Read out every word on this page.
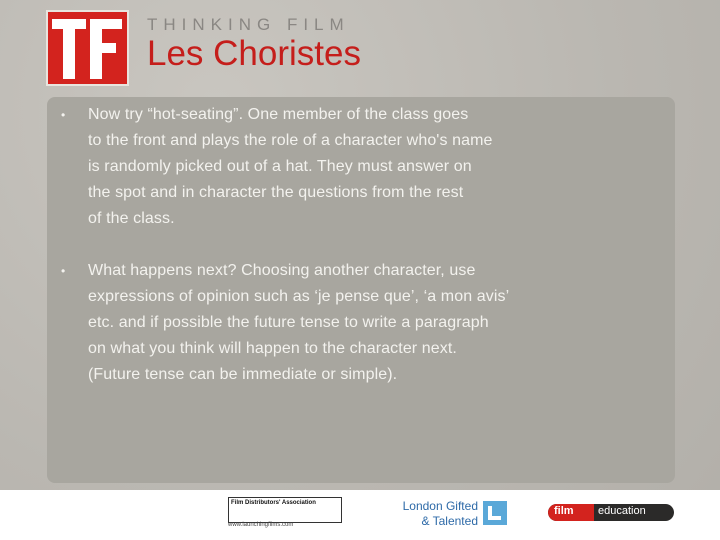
THINKING FILM
Les Choristes
• Now try “hot-seating”. One member of the class goes
to the front and plays the role of a character who's name
is randomly picked out of a hat. They must answer on
the spot and in character the questions from the rest
of the class.
• What happens next? Choosing another character, use
expressions of opinion such as ‘je pense que’, ‘a mon avis’
etc. and if possible the future tense to write a paragraph
on what you think will happen to the character next.
(Future tense can be immediate or simple).
Film Distributors' Association
www.launchingfilms.com
London Gifted
& Talented
film education
